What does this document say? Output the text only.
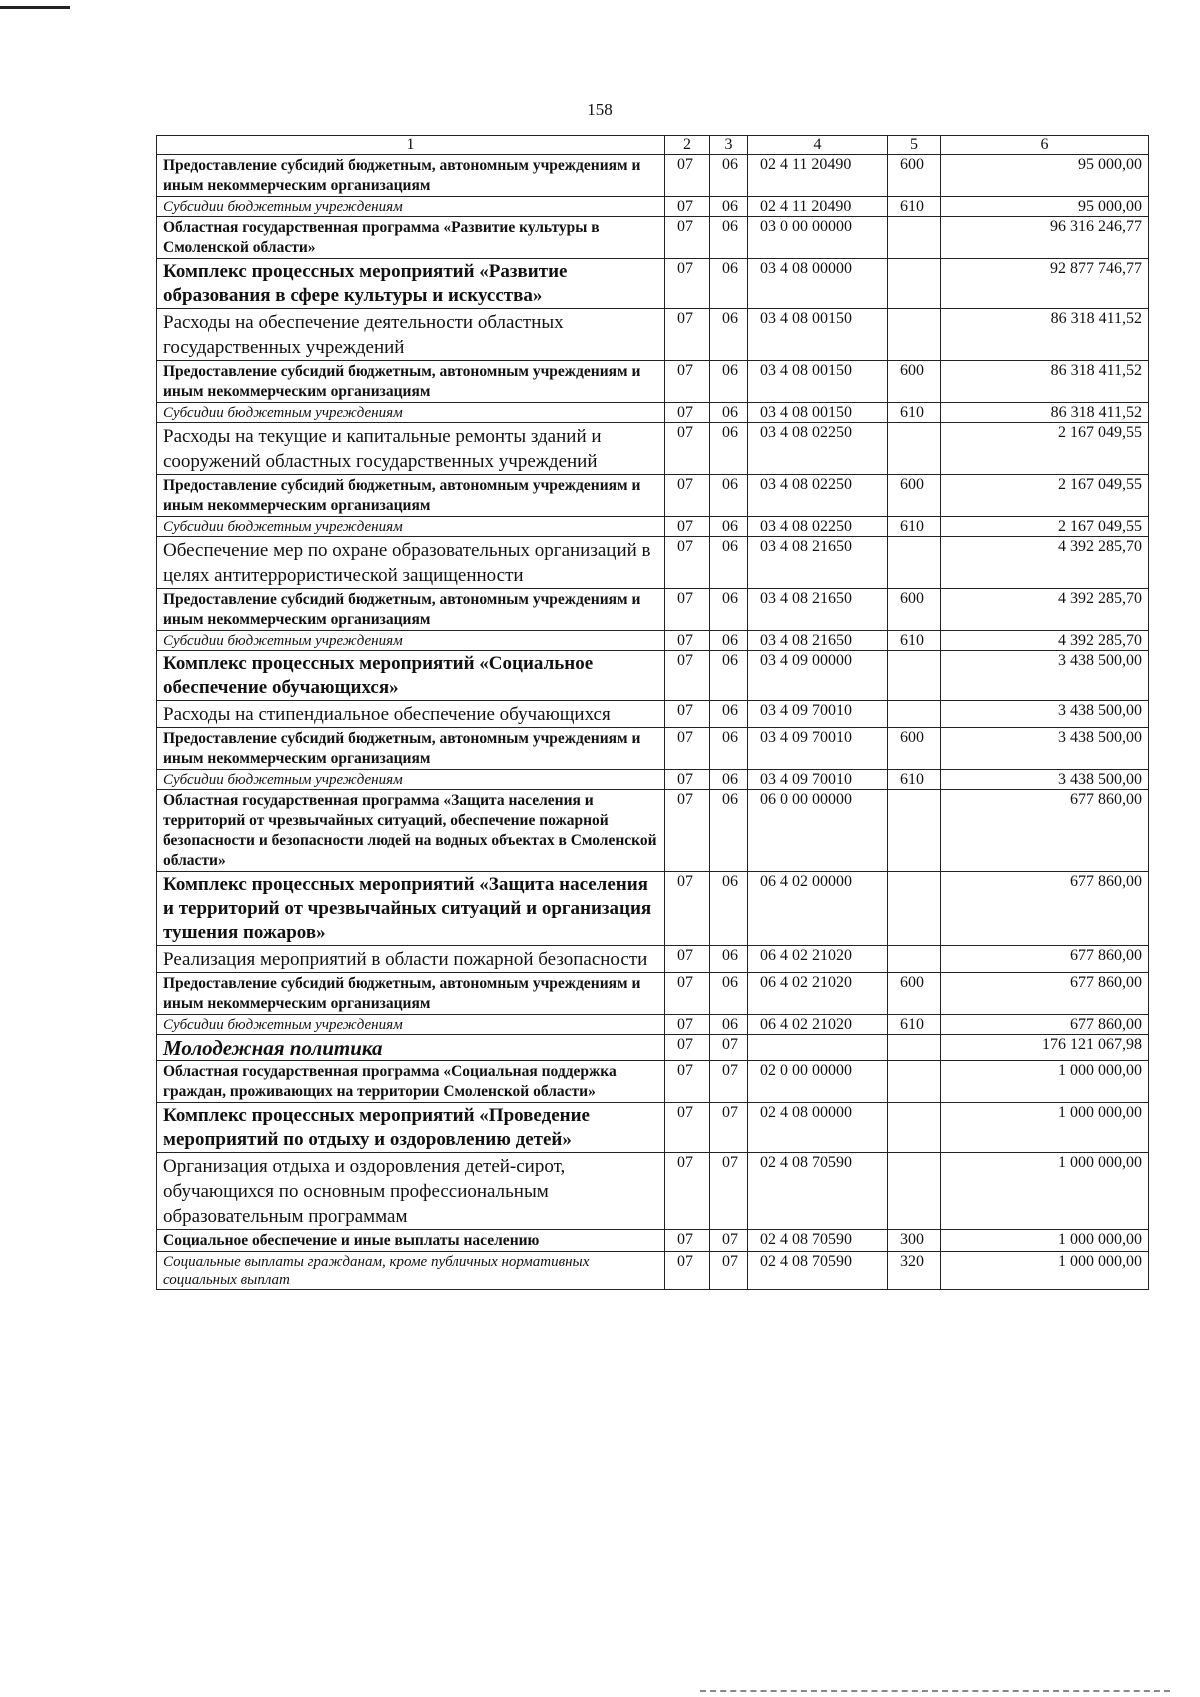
158
1	2	3	4	5	6
Предоставление субсидий бюджетным, автономным учреждениям и иным некоммерческим организациям	07	06	02 4 11 20490	600	95 000,00
Субсидии бюджетным учреждениям	07	06	02 4 11 20490	610	95 000,00
Областная государственная программа «Развитие культуры в Смоленской области»	07	06	03 0 00 00000		96 316 246,77
Комплекс процессных мероприятий «Развитие образования в сфере культуры и искусства»	07	06	03 4 08 00000		92 877 746,77
Расходы на обеспечение деятельности областных государственных учреждений	07	06	03 4 08 00150		86 318 411,52
Предоставление субсидий бюджетным, автономным учреждениям и иным некоммерческим организациям	07	06	03 4 08 00150	600	86 318 411,52
Субсидии бюджетным учреждениям	07	06	03 4 08 00150	610	86 318 411,52
Расходы на текущие и капитальные ремонты зданий и сооружений областных государственных учреждений	07	06	03 4 08 02250		2 167 049,55
Предоставление субсидий бюджетным, автономным учреждениям и иным некоммерческим организациям	07	06	03 4 08 02250	600	2 167 049,55
Субсидии бюджетным учреждениям	07	06	03 4 08 02250	610	2 167 049,55
Обеспечение мер по охране образовательных организаций в целях антитеррористической защищенности	07	06	03 4 08 21650		4 392 285,70
Предоставление субсидий бюджетным, автономным учреждениям и иным некоммерческим организациям	07	06	03 4 08 21650	600	4 392 285,70
Субсидии бюджетным учреждениям	07	06	03 4 08 21650	610	4 392 285,70
Комплекс процессных мероприятий «Социальное обеспечение обучающихся»	07	06	03 4 09 00000		3 438 500,00
Расходы на стипендиальное обеспечение обучающихся	07	06	03 4 09 70010		3 438 500,00
Предоставление субсидий бюджетным, автономным учреждениям и иным некоммерческим организациям	07	06	03 4 09 70010	600	3 438 500,00
Субсидии бюджетным учреждениям	07	06	03 4 09 70010	610	3 438 500,00
Областная государственная программа «Защита населения и территорий от чрезвычайных ситуаций, обеспечение пожарной безопасности и безопасности людей на водных объектах в Смоленской области»	07	06	06 0 00 00000		677 860,00
Комплекс процессных мероприятий «Защита населения и территорий от чрезвычайных ситуаций и организация тушения пожаров»	07	06	06 4 02 00000		677 860,00
Реализация мероприятий в области пожарной безопасности	07	06	06 4 02 21020		677 860,00
Предоставление субсидий бюджетным, автономным учреждениям и иным некоммерческим организациям	07	06	06 4 02 21020	600	677 860,00
Субсидии бюджетным учреждениям	07	06	06 4 02 21020	610	677 860,00
Молодежная политика	07	07			176 121 067,98
Областная государственная программа «Социальная поддержка граждан, проживающих на территории Смоленской области»	07	07	02 0 00 00000		1 000 000,00
Комплекс процессных мероприятий «Проведение мероприятий по отдыху и оздоровлению детей»	07	07	02 4 08 00000		1 000 000,00
Организация отдыха и оздоровления детей-сирот, обучающихся по основным профессиональным образовательным программам	07	07	02 4 08 70590		1 000 000,00
Социальное обеспечение и иные выплаты населению	07	07	02 4 08 70590	300	1 000 000,00
Социальные выплаты гражданам, кроме публичных нормативных социальных выплат	07	07	02 4 08 70590	320	1 000 000,00
